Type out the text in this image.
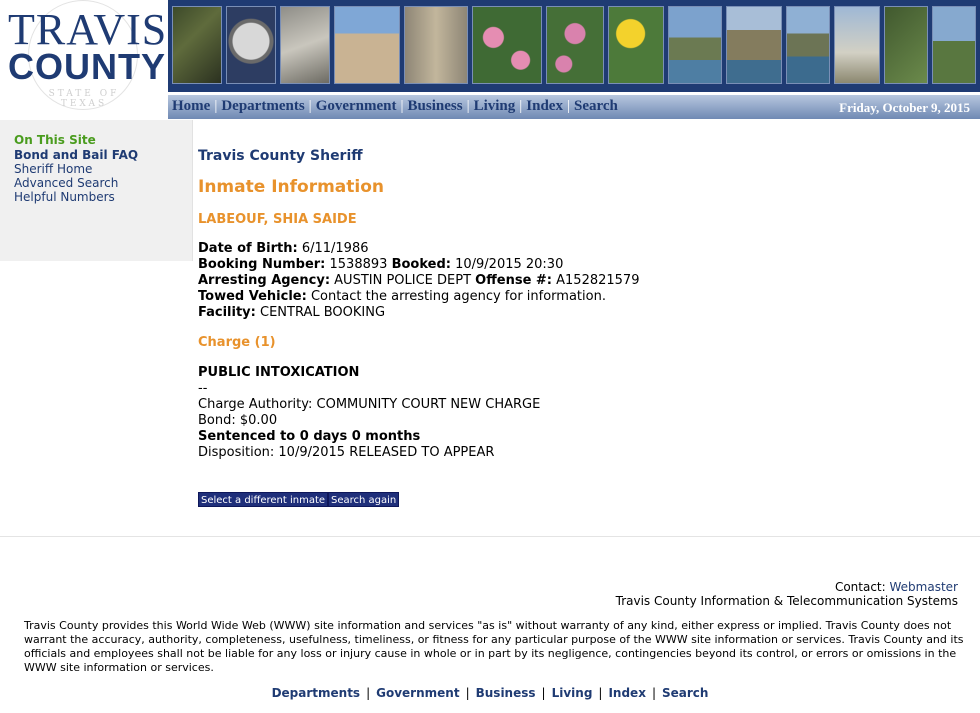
STATE OF TEXAS
TRAVIS
COUNTY
Home | Departments | Government | Business | Living | Index | Search	Friday, October 9, 2015
On This Site
Bond and Bail FAQ
Sheriff Home
Advanced Search
Helpful Numbers
Travis County Sheriff
Inmate Information
LABEOUF, SHIA SAIDE
Date of Birth: 6/11/1986
Booking Number: 1538893 Booked: 10/9/2015 20:30
Arresting Agency: AUSTIN POLICE DEPT Offense #: A152821579
Towed Vehicle: Contact the arresting agency for information.
Facility: CENTRAL BOOKING
Charge (1)
PUBLIC INTOXICATION
--
Charge Authority: COMMUNITY COURT NEW CHARGE
Bond: $0.00
Sentenced to 0 days 0 months
Disposition: 10/9/2015 RELEASED TO APPEAR
Select a different inmate Search again
Contact: Webmaster
Travis County Information & Telecommunication Systems
Travis County provides this World Wide Web (WWW) site information and services "as is" without warranty of any kind, either express or implied. Travis County does not warrant the accuracy, authority, completeness, usefulness, timeliness, or fitness for any particular purpose of the WWW site information or services. Travis County and its officials and employees shall not be liable for any loss or injury cause in whole or in part by its negligence, contingencies beyond its control, or errors or omissions in the WWW site information or services.
Departments | Government | Business | Living | Index | Search
